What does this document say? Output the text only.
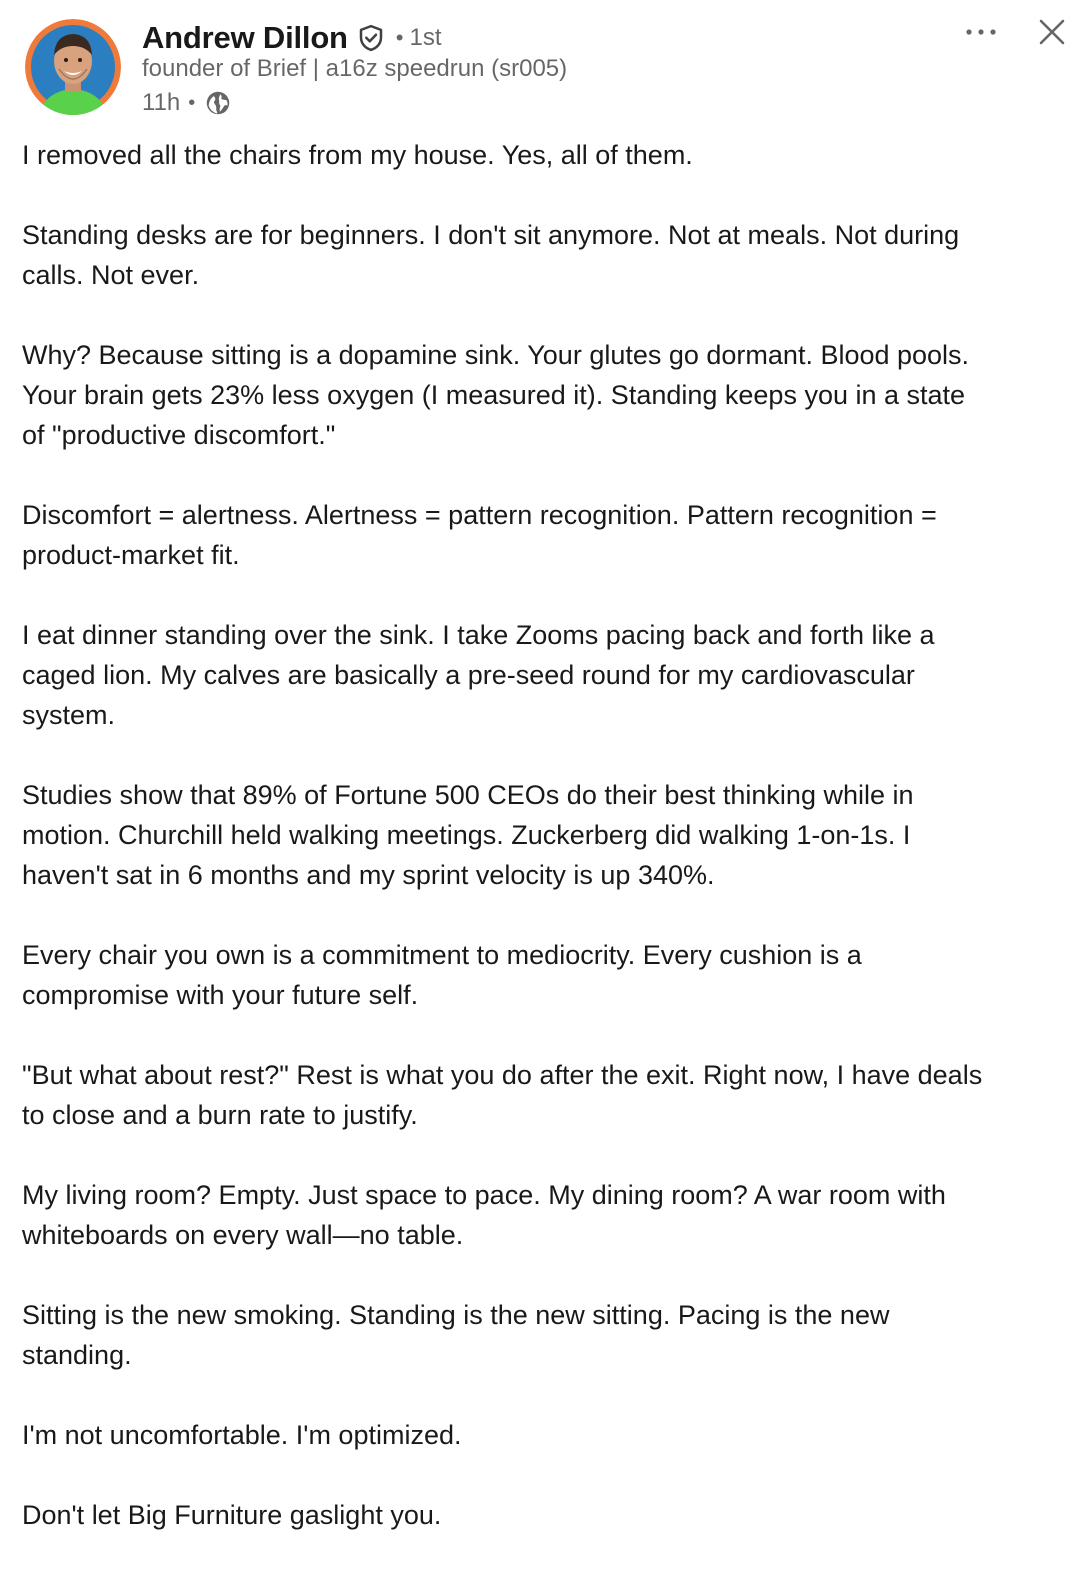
Andrew Dillon • 1st
founder of Brief | a16z speedrun (sr005)
11h •

I removed all the chairs from my house. Yes, all of them.

Standing desks are for beginners. I don't sit anymore. Not at meals. Not during
calls. Not ever.

Why? Because sitting is a dopamine sink. Your glutes go dormant. Blood pools.
Your brain gets 23% less oxygen (I measured it). Standing keeps you in a state
of "productive discomfort."

Discomfort = alertness. Alertness = pattern recognition. Pattern recognition =
product-market fit.

I eat dinner standing over the sink. I take Zooms pacing back and forth like a
caged lion. My calves are basically a pre-seed round for my cardiovascular
system.

Studies show that 89% of Fortune 500 CEOs do their best thinking while in
motion. Churchill held walking meetings. Zuckerberg did walking 1-on-1s. I
haven't sat in 6 months and my sprint velocity is up 340%.

Every chair you own is a commitment to mediocrity. Every cushion is a
compromise with your future self.

"But what about rest?" Rest is what you do after the exit. Right now, I have deals
to close and a burn rate to justify.

My living room? Empty. Just space to pace. My dining room? A war room with
whiteboards on every wall—no table.

Sitting is the new smoking. Standing is the new sitting. Pacing is the new
standing.

I'm not uncomfortable. I'm optimized.

Don't let Big Furniture gaslight you.
